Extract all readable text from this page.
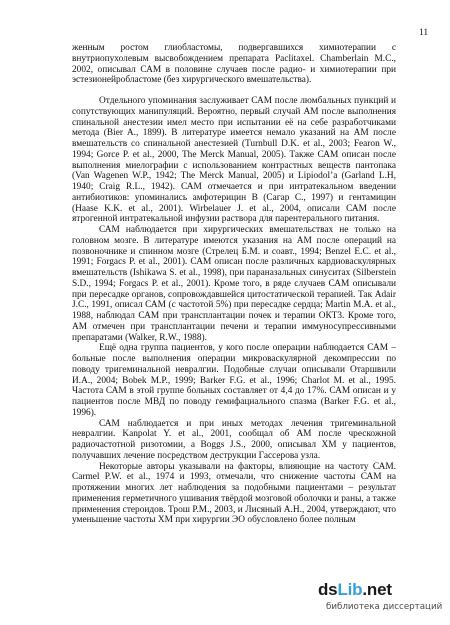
11

женным ростом глиобластомы, подвергавшихся химиотерапии с внутриопухолевым высвобождением препарата Paclitaxel. Chamberlain M.C., 2002, описывал САМ в половине случаев после радио- и химиотерапии при эстезионейробластоме (без хирургического вмешательства).

Отдельного упоминания заслуживает САМ после люмбальных пункций и сопутствующих манипуляций. Вероятно, первый случай АМ после выполнения спинальной анестезии имел место при испытании её на себе разработчиками метода (Bier A., 1899). В литературе имеется немало указаний на АМ после вмешательств со спинальной анестезией (Turnbull D.K. et al., 2003; Fearon W., 1994; Gorce P. et al., 2000, The Merck Manual, 2005). Также САМ описан после выполнения миелографии с использованием контрастных веществ пантопака (Van Wagenen W.P., 1942; The Merck Manual, 2005) и Lipiodol’a (Garland L.H, 1940; Craig R.L., 1942). САМ отмечается и при интратекальном введении антибиотиков: упоминались амфотерицин В (Сагар С., 1997) и гентамицин (Haase K.K. et al., 2001). Wirbelauer J. et al., 2004, описали САМ после ятрогенной интратекальной инфузии раствора для парентерального питания.

САМ наблюдается при хирургических вмешательствах не только на головном мозге. В литературе имеются указания на АМ после операций на позвоночнике и спинном мозге (Стрелец Б.М. и соавт., 1994; Benzel E.C. et al., 1991; Forgacs P. et al., 2001). САМ описан после различных кардиоваскулярных вмешательств (Ishikawa S. et al., 1998), при параназальных синуситах (Silberstein S.D., 1994; Forgacs P. et al., 2001). Кроме того, в ряде случаев САМ описывали при пересадке органов, сопровождавшейся цитостатической терапией. Так Adair J.C., 1991, описал САМ (с частотой 5%) при пересадке сердца; Martin M.A. et al., 1988, наблюдал САМ при трансплантации почек и терапии ОКТ3. Кроме того, АМ отмечен при трансплантации печени и терапии иммуносупрессивными препаратами (Walker, R.W., 1988).

Ещё одна группа пациентов, у кого после операции наблюдается САМ – больные после выполнения операции микроваскулярной декомпрессии по поводу тригеминальной невралгии. Подобные случаи описывали Отаршвили И.А., 2004; Bobek M.P., 1999; Barker F.G. et al., 1996; Charlot M. et al., 1995. Частота САМ в этой группе больных составляет от 4,4 до 17%. САМ описан и у пациентов после МВД по поводу гемифациального спазма (Barker F.G. et al., 1996).

САМ наблюдается и при иных методах лечения тригеминальной невралгии. Kanpolat Y. et al., 2001, сообщал об АМ после чрескожной радиочастотной ризотомии, а Boggs J.S., 2000, описывал ХМ у пациентов, получавших лечение посредством деструкции Гассерова узла.

Некоторые авторы указывали на факторы, влияющие на частоту САМ. Carmel P.W. et al., 1974 и 1993, отмечали, что снижение частоты САМ на протяжении многих лет наблюдения за подобными пациентами – результат применения герметичного ушивания твёрдой мозговой оболочки и раны, а также применения стероидов. Трош Р.М., 2003, и Лисяный А.Н., 2004, утверждают, что уменьшение частоты ХМ при хирургии ЭО обусловлено более полным

dsLib.net
библиотека диссертаций
